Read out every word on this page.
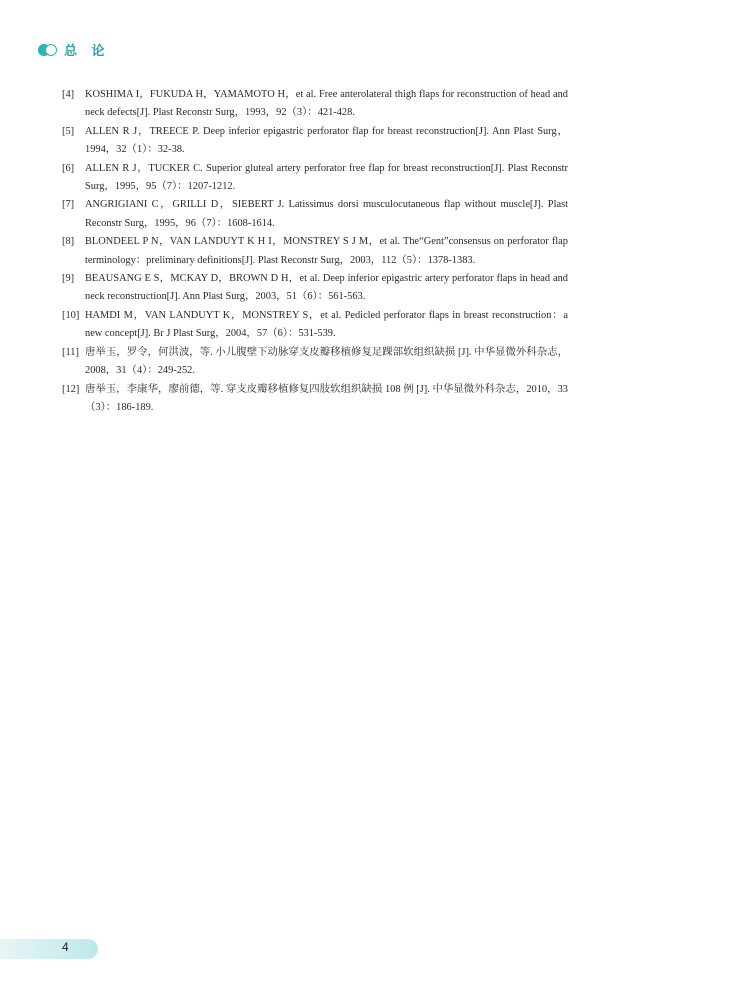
总 论
[4]	KOSHIMA I，FUKUDA H，YAMAMOTO H，et al. Free anterolateral thigh flaps for reconstruction of head and neck defects[J]. Plast Reconstr Surg，1993，92（3）：421-428.
[5]	ALLEN R J，TREECE P. Deep inferior epigastric perforator flap for breast reconstruction[J]. Ann Plast Surg，1994，32（1）：32-38.
[6]	ALLEN R J，TUCKER C. Superior gluteal artery perforator free flap for breast reconstruction[J]. Plast Reconstr Surg，1995，95（7）：1207-1212.
[7]	ANGRIGIANI C，GRILLI D，SIEBERT J. Latissimus dorsi musculocutaneous flap without muscle[J]. Plast Reconstr Surg，1995，96（7）：1608-1614.
[8]	BLONDEEL P N，VAN LANDUYT K H I，MONSTREY S J M，et al. The“Gent”consensus on perforator flap terminology：preliminary definitions[J]. Plast Reconstr Surg，2003，112（5）：1378-1383.
[9]	BEAUSANG E S，MCKAY D，BROWN D H，et al. Deep inferior epigastric artery perforator flaps in head and neck reconstruction[J]. Ann Plast Surg，2003，51（6）：561-563.
[10] HAMDI M，VAN LANDUYT K，MONSTREY S，et al. Pedicled perforator flaps in breast reconstruction：a new concept[J]. Br J Plast Surg，2004，57（6）：531-539.
[11] 唐举玉，罗令，何洪波，等. 小儿腹壁下动脉穿支皮瓣移植修复足踝部软组织缺损 [J]. 中华显微外科杂志，2008，31（4）：249-252.
[12] 唐举玉，李康华，廖前德，等. 穿支皮瓣移植修复四肢软组织缺损 108 例 [J]. 中华显微外科杂志，2010，33（3）：186-189.
4
